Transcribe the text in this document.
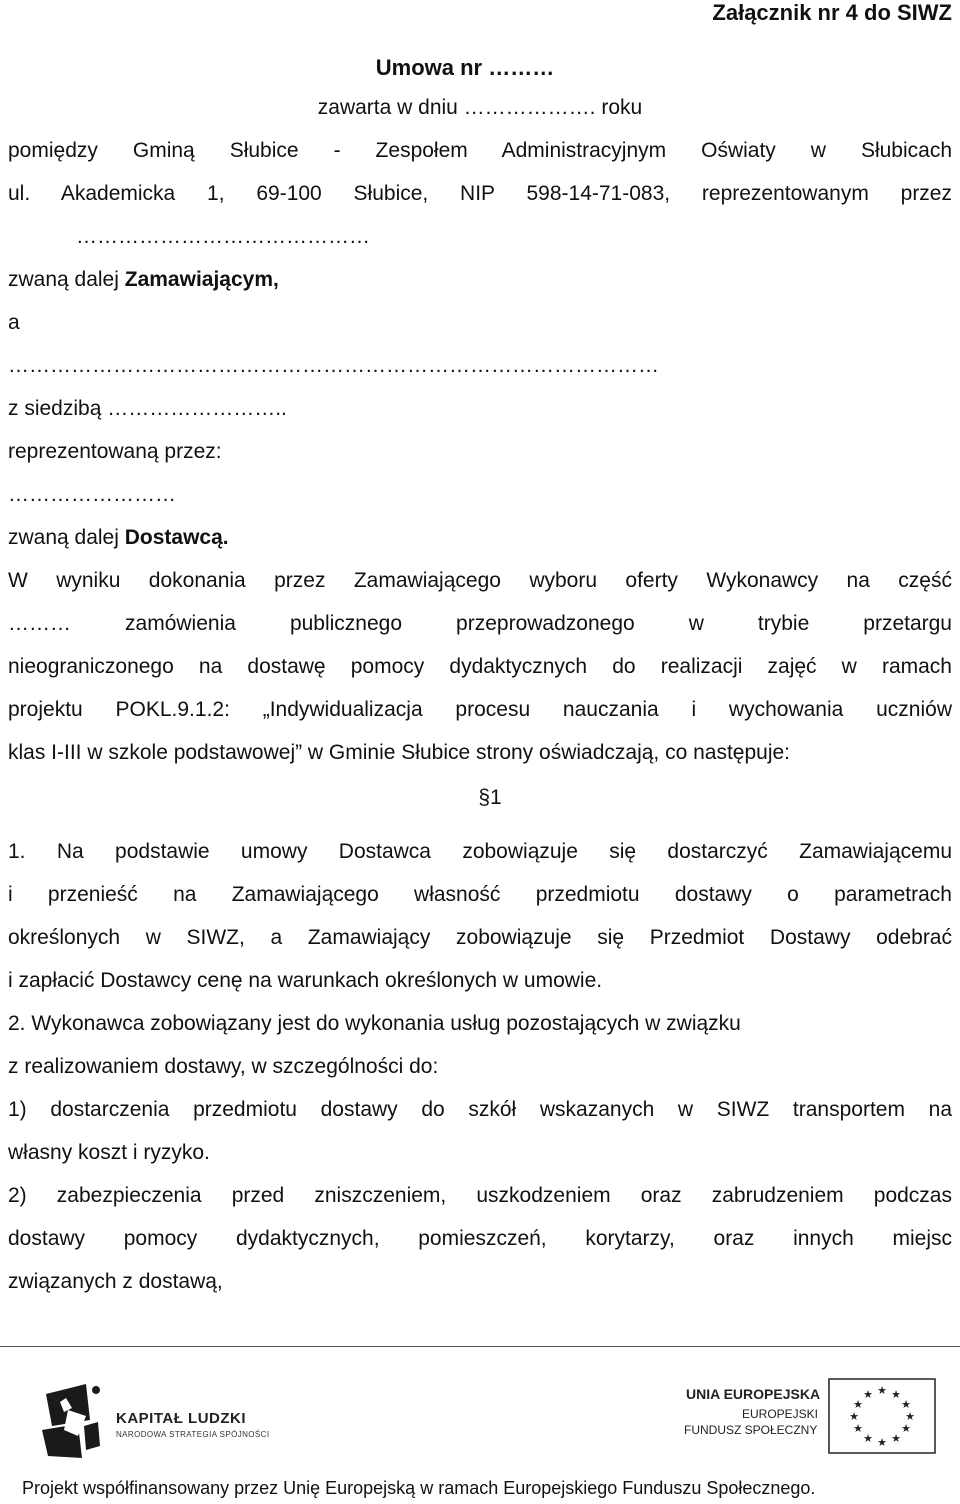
Załącznik nr 4 do SIWZ
Umowa nr ………
zawarta w dniu ………………. roku
pomiędzy Gminą Słubice - Zespołem Administracyjnym Oświaty w Słubicach
ul. Akademicka 1, 69-100 Słubice, NIP 598-14-71-083, reprezentowanym przez
……………………………………
zwaną dalej Zamawiającym,
a
…………………………………………………………………………………
z siedzibą ……………………..
reprezentowaną przez:
……………………
zwaną dalej Dostawcą.
W wyniku dokonania przez Zamawiającego wyboru oferty Wykonawcy na część
……… zamówienia publicznego przeprowadzonego w trybie przetargu
nieograniczonego na dostawę pomocy dydaktycznych do realizacji zajęć w ramach
projektu POKL.9.1.2: „Indywidualizacja procesu nauczania i wychowania uczniów
klas I-III w szkole podstawowej” w Gminie Słubice strony oświadczają, co następuje:
§1
1. Na podstawie umowy Dostawca zobowiązuje się dostarczyć Zamawiającemu
i przenieść na Zamawiającego własność przedmiotu dostawy o parametrach
określonych w SIWZ, a Zamawiający zobowiązuje się Przedmiot Dostawy odebrać
i zapłacić Dostawcy cenę na warunkach określonych w umowie.
2. Wykonawca zobowiązany jest do wykonania usług pozostających w związku
z realizowaniem dostawy, w szczególności do:
1) dostarczenia przedmiotu dostawy do szkół wskazanych w SIWZ transportem na
własny koszt i ryzyko.
2) zabezpieczenia przed zniszczeniem, uszkodzeniem oraz zabrudzeniem podczas
dostawy pomocy dydaktycznych, pomieszczeń, korytarzy, oraz innych miejsc
związanych z dostawą,
KAPITAŁ LUDZKI
NARODOWA STRATEGIA SPÓJNOŚCI
UNIA EUROPEJSKA
EUROPEJSKI
FUNDUSZ SPOŁECZNY
★ ★
★
★
★
★
★
★
★
★
★
★
Projekt współfinansowany przez Unię Europejską w ramach Europejskiego Funduszu Społecznego.
